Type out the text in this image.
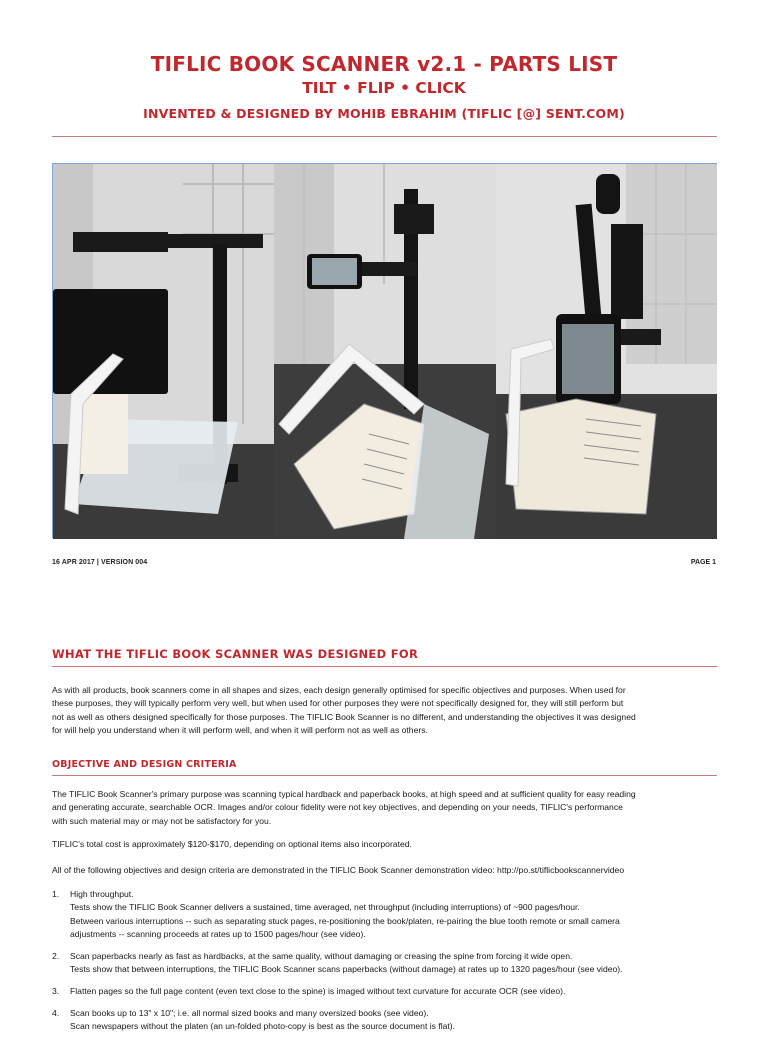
TIFLIC BOOK SCANNER v2.1 - PARTS LIST
TILT • FLIP • CLICK
INVENTED & DESIGNED BY MOHIB EBRAHIM (TIFLIC [@] SENT.COM)
16 APR 2017 | VERSION 004	PAGE 1
WHAT THE TIFLIC BOOK SCANNER WAS DESIGNED FOR
As with all products, book scanners come in all shapes and sizes, each design generally optimised for specific objectives and purposes. When used for
these purposes, they will typically perform very well, but when used for other purposes they were not specifically designed for, they will still perform but
not as well as others designed specifically for those purposes. The TIFLIC Book Scanner is no different, and understanding the objectives it was designed
for will help you understand when it will perform well, and when it will perform not as well as others.
OBJECTIVE AND DESIGN CRITERIA
The TIFLIC Book Scanner's primary purpose was scanning typical hardback and paperback books, at high speed and at sufficient quality for easy reading
and generating accurate, searchable OCR. Images and/or colour fidelity were not key objectives, and depending on your needs, TIFLIC's performance
with such material may or may not be satisfactory for you.
TIFLIC's total cost is approximately $120-$170, depending on optional items also incorporated.
All of the following objectives and design criteria are demonstrated in the TIFLIC Book Scanner demonstration video: http://po.st/tiflicbookscannervideo
1. High throughput.
Tests show the TIFLIC Book Scanner delivers a sustained, time averaged, net throughput (including interruptions) of ~900 pages/hour.
Between various interruptions -- such as separating stuck pages, re-positioning the book/platen, re-pairing the blue tooth remote or small camera
adjustments -- scanning proceeds at rates up to 1500 pages/hour (see video).
2. Scan paperbacks nearly as fast as hardbacks, at the same quality, without damaging or creasing the spine from forcing it wide open.
Tests show that between interruptions, the TIFLIC Book Scanner scans paperbacks (without damage) at rates up to 1320 pages/hour (see video).
3. Flatten pages so the full page content (even text close to the spine) is imaged without text curvature for accurate OCR (see video).
4. Scan books up to 13" x 10"; i.e. all normal sized books and many oversized books (see video).
Scan newspapers without the platen (an un-folded photo-copy is best as the source document is flat).
